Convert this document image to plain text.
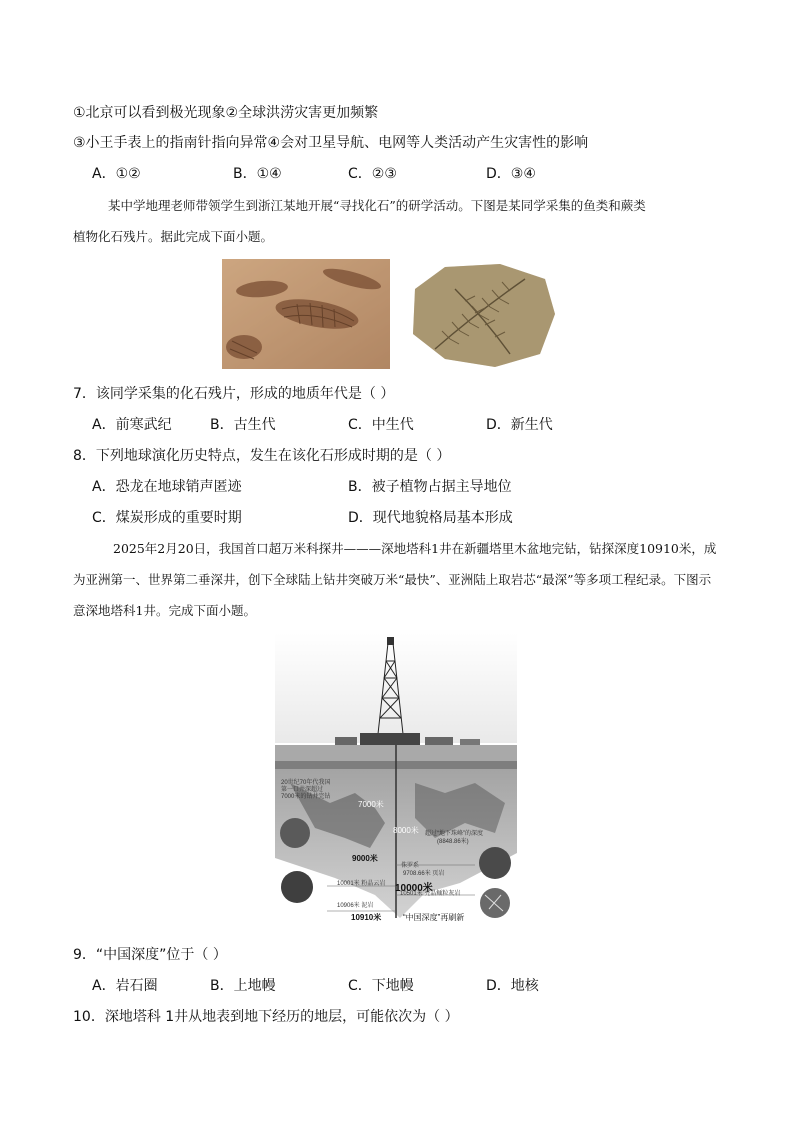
①北京可以看到极光现象②全球洪涝灾害更加频繁
③小王手表上的指南针指向异常④会对卫星导航、电网等人类活动产生灾害性的影响
A．①②	B．①④	C．②③	D．③④
某中学地理老师带领学生到浙江某地开展“寻找化石”的研学活动。下图是某同学采集的鱼类和蕨类
植物化石残片。据此完成下面小题。
7．该同学采集的化石残片，形成的地质年代是（ ）
A．前寒武纪	B．古生代	C．中生代	D．新生代
8．下列地球演化历史特点，发生在该化石形成时期的是（ ）
A．恐龙在地球销声匿迹	B．被子植物占据主导地位
C．煤炭形成的重要时期	D．现代地貌格局基本形成
2025年2月20日，我国首口超万米科探井———深地塔科1井在新疆塔里木盆地完钻，钻探深度10910米，成为亚洲第一、世界第二垂深井，创下全球陆上钻井突破万米“最快”、亚洲陆上取岩芯“最深”等多项工程纪录。下图示意深地塔科1井。完成下面小题。
20世纪70年代我国
第一口井深超过
7000米的钻井完钻
7000米
8000米 超过“地下珠峰”的深度
(8848.86米)
9000米
侏罗系
9708.66米 页岩
10000米
10001米 粉晶云岩
10501米 亮晶鲕粒灰岩
10906米 泥岩
10910米	“中国深度”再刷新
9．“中国深度”位于（ ）
A．岩石圈	B．上地幔	C．下地幔	D．地核
10．深地塔科 1井从地表到地下经历的地层，可能依次为（ ）
